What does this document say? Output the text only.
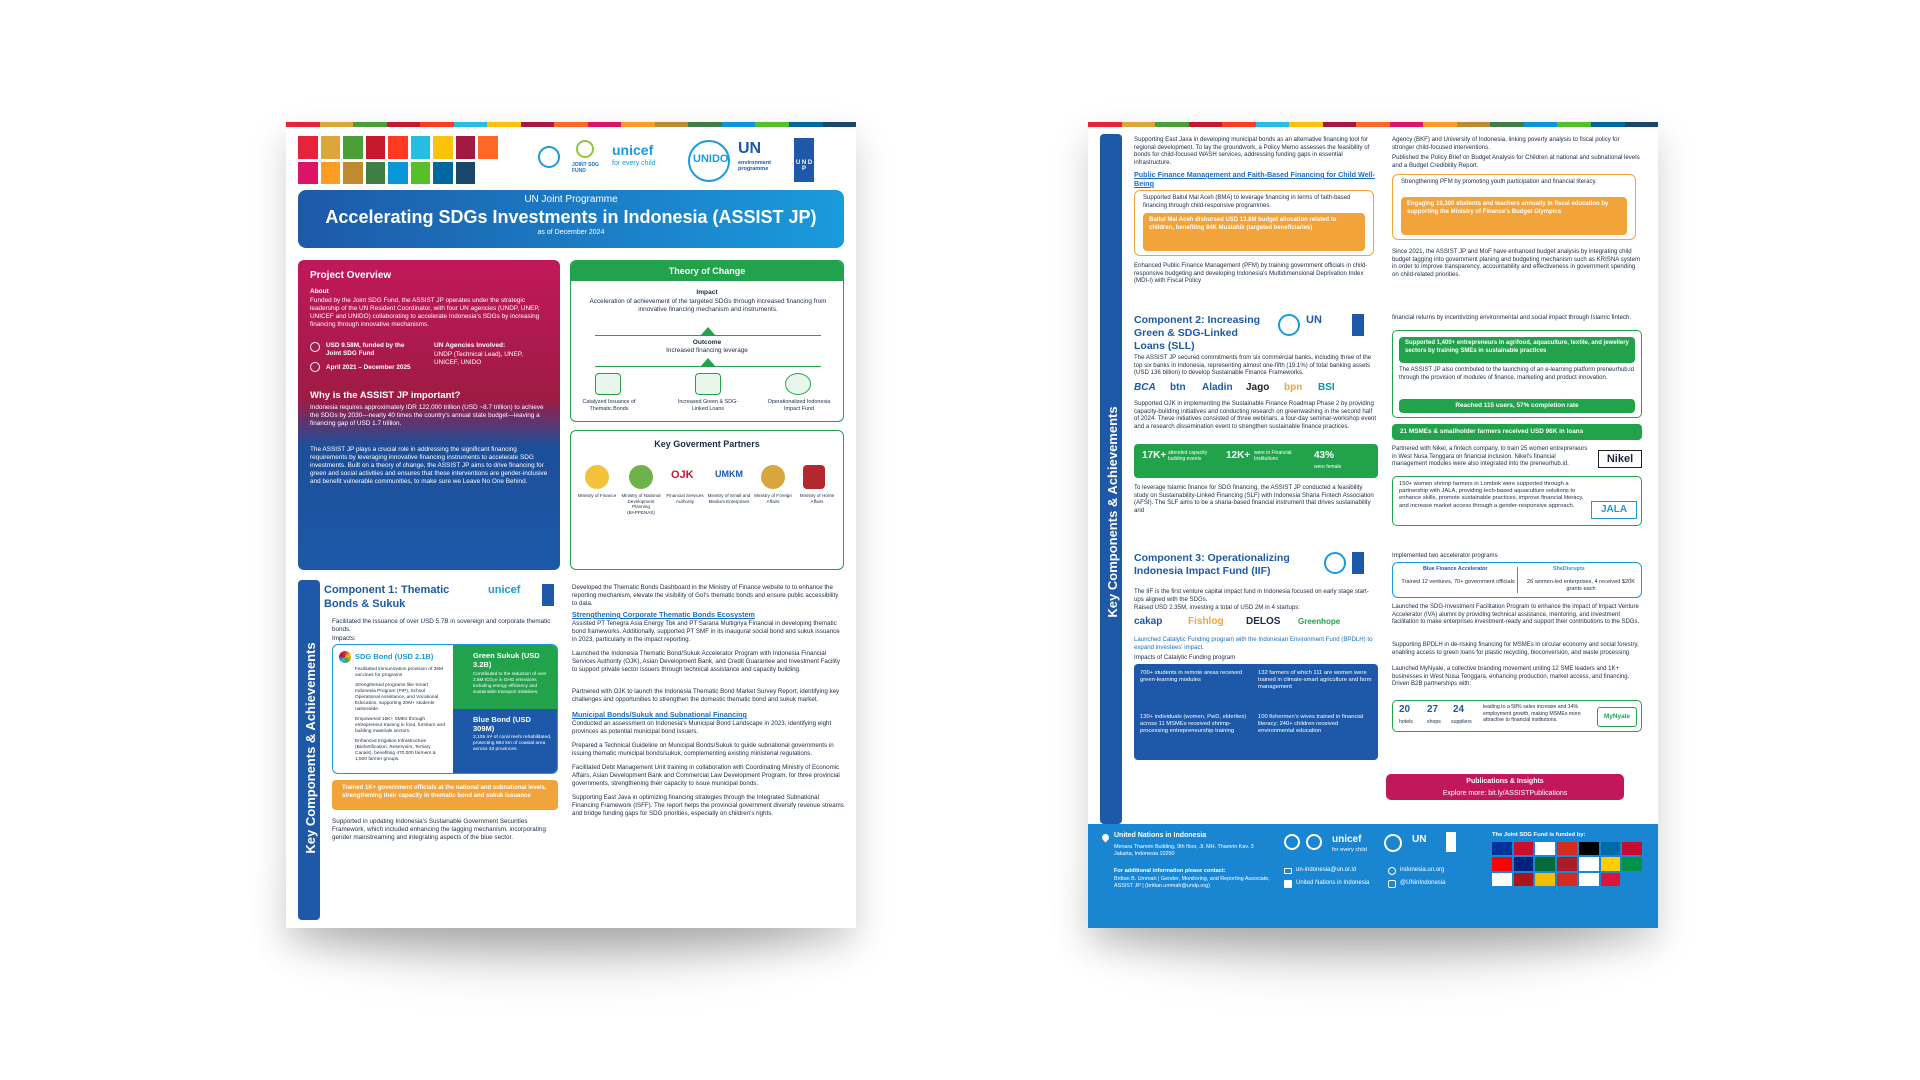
JOINT SDG FUND
unicef
for every child	UNIDO
UN
environment programme
U N D P
UN Joint Programme
Accelerating SDGs Investments in Indonesia (ASSIST JP)
as of December 2024
Project Overview
About
Funded by the Joint SDG Fund, the ASSIST JP operates under the strategic leadership of the UN Resident Coordinator, with four UN agencies (UNDP, UNEP, UNICEF and UNIDO) collaborating to accelerate Indonesia's SDGs by increasing financing through innovative mechanisms.
USD 9.58M, funded by the Joint SDG Fund
UN Agencies Involved:
UNDP (Technical Lead), UNEP, UNICEF, UNIDO
April 2021 – December 2025
Why is the ASSIST JP important?
Indonesia requires approximately IDR 122,000 trillion (USD ~8.7 trillion) to achieve the SDGs by 2030—nearly 40 times the country's annual state budget—leaving a financing gap of USD 1.7 trillion.
The ASSIST JP plays a crucial role in addressing the significant financing requirements by leveraging innovative financing instruments to accelerate SDG investments. Built on a theory of change, the ASSIST JP aims to drive financing for green and social activities and ensures that these interventions are gender-inclusive and benefit vulnerable communities, to make sure we Leave No One Behind.
Theory of Change
Impact
Acceleration of achievement of the targeted SDGs through increased financing from innovative financing mechanism and instruments.
Outcome
Increased financing leverage
Catalyzed Issuance of Thematic Bonds
Increased Green & SDG-Linked Loans
Operationalized Indonesia Impact Fund
Key Goverment Partners
OJK UMKM
Ministry of Finance	Ministry of National Development Planning (BAPPENAS)
Financial Services Authority
Ministry of Small and Medium Enterprises
Ministry of Foreign Affairs
Ministry of Home Affairs
Key Components & Achievements
Component 1: Thematic Bonds & Sukuk
unicef
Facilitated the issuance of over USD 5.7B in sovereign and corporate thematic bonds.
Impacts:
SDG Bond (USD 2.1B)
Facilitated immunization provision of 36M vaccines for programs
Strengthened programs like Smart Indonesia Program (PIP), School Operational Assistance, and Vocational Education, supporting 20M+ students nationwide.
Empowered 15K+ SMEs through entrepreneur training in food, furniture and building materials sectors.
Enhanced Irrigation Infrastructure (Biofortification, Reservoirs, Tertiary Canals), benefiting 470,000 farmers & 1,500 farmer groups.
Green Sukuk (USD 3.2B)
Contributed to the reduction of over 2.8M tCO₂e in GHG emissions including energy efficiency and sustainable transport initiatives.
Blue Bond (USD 309M)
2,105 m² of coral reefs rehabilitated, protecting 684 km of coastal area across 33 provinces.
Trained 1K+ government officials at the national and subnational levels, strengthening their capacity in thematic bond and sukuk issuance
Supported in updating Indonesia's Sustainable Government Securities Framework, which included enhancing the tagging mechanism, incorporating gender mainstreaming and integrating aspects of the blue sector.
Developed the Thematic Bonds Dashboard in the Ministry of Finance website to to enhance the reporting mechanism, elevate the visibility of GoI's thematic bonds and ensure public accessibility to data.
Strengthening Corporate Thematic Bonds Ecosystem
Assisted PT Tenegra Asia Energy Tbk and PT Sarana Multigriya Financial in developing thematic bond frameworks. Additionally, supported PT SMF in its inaugural social bond and sukuk issuance in 2023, particularly in the impact reporting.
Launched the Indonesia Thematic Bond/Sukuk Accelerator Program with Indonesia Financial Services Authority (OJK), Asian Development Bank, and Credit Guarantee and Investment Facility to support private sector issuers through technical assistance and capacity building.
Partnered with OJK to launch the Indonesia Thematic Bond Market Survey Report, identifying key challenges and opportunities to strengthen the domestic thematic bond and sukuk market.
Municipal Bonds/Sukuk and Subnational Financing
Conducted an assessment on Indonesia's Municipal Bond Landscape in 2023, identifying eight provinces as potential municipal bond issuers.
Prepared a Technical Guideline on Municipal Bonds/Sukuk to guide subnational governments in issuing thematic municipal bonds/sukuk, complementing existing ministerial regulations.
Facilitated Debt Management Unit training in collaboration with Coordinating Ministry of Economic Affairs, Asian Development Bank and Commercial Law Development Program, for three provincial governments, strengthening their capacity to issue municipal bonds.
Supporting East Java in optimizing financing strategies through the Integrated Subnational Financing Framework (ISFF). The report helps the provincial government diversify revenue streams and bridge funding gaps for SDG priorities, especially on children's rights.
Key Components & Achievements
Supporting East Java in developing municipal bonds as an alternative financing tool for regional development. To lay the groundwork, a Policy Memo assesses the feasibility of bonds for child-focused WASH services, addressing funding gaps in essential infrastructure.
Public Finance Management and Faith-Based Financing for Child Well-Being
Supported Baitul Mal Aceh (BMA) to leverage financing in terms of faith-based financing through child-responsive programmes.
Baitul Mal Aceh disbursed USD 13.8M budget allocation related to children, benefiting 84K Mustahik (targeted beneficiaries)
Enhanced Public Finance Management (PFM) by training government officials in child-responsive budgeting and developing Indonesia's Multidimensional Deprivation Index (MDI-I) with Fiscal Policy
Agency (BKF) and University of Indonesia, linking poverty analysis to fiscal policy for stronger child-focused interventions.
Published the Policy Brief on Budget Analysis for Children at national and subnational levels and a Budget Credibility Report.
Strengthening PFM by promoting youth participation and financial literacy.
Engaging 19,300 students and teachers annually in fiscal education by supporting the Ministry of Finance's Budget Olympics
Since 2021, the ASSIST JP and MoF have enhanced budget analysis by integrating child budget tagging into government planing and budgeting mechanism such as KRISNA system in order to improve transparency, accountability and effectiveness in government spending on child-related priorities.
Component 2: Increasing Green & SDG-Linked Loans (SLL)
UN
The ASSIST JP secured commitments from six commercial banks, including three of the top six banks in Indonesia, representing almost one-fifth (19.1%) of total banking assets (USD 136 billion) to develop Sustainable Finance Frameworks.
BCA btn Aladin Jago bpn BSI
Supported OJK in implementing the Sustainable Finance Roadmap Phase 2 by providing capacity-building initiatives and conducting research on greenwashing in the second half of 2024. These initiatives consisted of three webinars, a four-day seminar-workshop event and a research dissemination event to strengthen sustainable finance practices.
17K+ attended capacity building events	12K+ were in Financial Institutions	43%
were female
To leverage Islamic finance for SDG financing, the ASSIST JP conducted a feasibility study on Sustainability-Linked Financing (SLF) with Indonesia Sharia Fintech Association (AFSI). The SLF aims to be a sharia-based financial instrument that drives sustainability and
financial returns by incentivizing environmental and social impact through Islamic fintech.
Supported 1,400+ entrepreneurs in agrifood, aquaculture, textile, and jewellery sectors by training SMEs in sustainable practices
The ASSIST JP also contributed to the launching of an e-learning platform preneurhub.id through the provision of modules of finance, marketing and product innovation.
Reached 115 users, 57% completion rate
21 MSMEs & smallholder farmers received USD 96K in loans
Partnered with Nikel, a fintech company, to train 25 women entrepreneurs in West Nusa Tenggara on financial inclusion. Nikel's financial management modules were also integrated into the preneurhub.id.	Nikel
150+ women shrimp farmers in Lombok were supported through a partnership with JALA, providing tech-based aquaculture solutions to enhance skills, promote sustainable practices, improve financial literacy, and increase market access through a gender-responsive approach.	JALA
Component 3: Operationalizing Indonesia Impact Fund (IIF)
The IIF is the first venture capital impact fund in Indonesia focused on early stage start-ups aligned with the SDGs.
Raised USD 2.35M, investing a total of USD 2M in 4 startups:
cakap	Fishlog DELOS Greenhope
Launched Catalytic Funding program with the Indonesian Environment Fund (BPDLH) to expand investees' impact.
Impacts of Catalytic Funding program
700+ students in remote areas received green-learning modules
132 farmers of which 111 are women were trained in climate-smart agriculture and farm management
130+ individuals (women, PwD, elderlies) across 11 MSMEs received shrimp-processing entrepreneurship training
100 fishermen's wives trained in financial literacy; 240+ children received environmental education
Implemented two accelerator programs
Blue Finance Accelerator
Trained 12 ventures, 70+ government officials
SheDisrupts
26 women-led enterprises, 4 received $20K grants each
Launched the SDG-Investment Facilitation Program to enhance the impact of Impact Venture Accelerator (IVA) alumni by providing technical assistance, mentoring, and investment facilitation to make enterprises investment-ready and support their contributions to the SDGs.
Supporting BPDLH in de-risking financing for MSMEs in circular economy and social forestry, enabling access to green loans for plastic recycling, bioconversion, and waste processing
Launched MyNyale, a collective branding movement uniting 12 SME leaders and 1K+ businesses in West Nusa Tenggara, enhancing production, market access, and financing. Driven B2B partnerships with:
20
hotels
27
shops
24
suppliers
leading to a 58% sales increase and 14% employment growth, making MSMEs more attractive to financial institutions.	MyNyale
Publications & Insights
Explore more: bit.ly/ASSISTPublications
United Nations in Indonesia
Menara Thamrin Building, 9th floor, Jl. MH. Thamrin Kav. 3 Jakarta, Indonesia 10250
For additional information please contact:
Brittan B. Ummah | Gender, Monitoring, and Reporting Associate, ASSIST JP | (brittan.ummah@undp.org)
unicef
for every child
UN
un-indonesia@un.or.id	indonesia.un.org
United Nations in Indonesia	@UNinIndonesia
The Joint SDG Fund is funded by:
